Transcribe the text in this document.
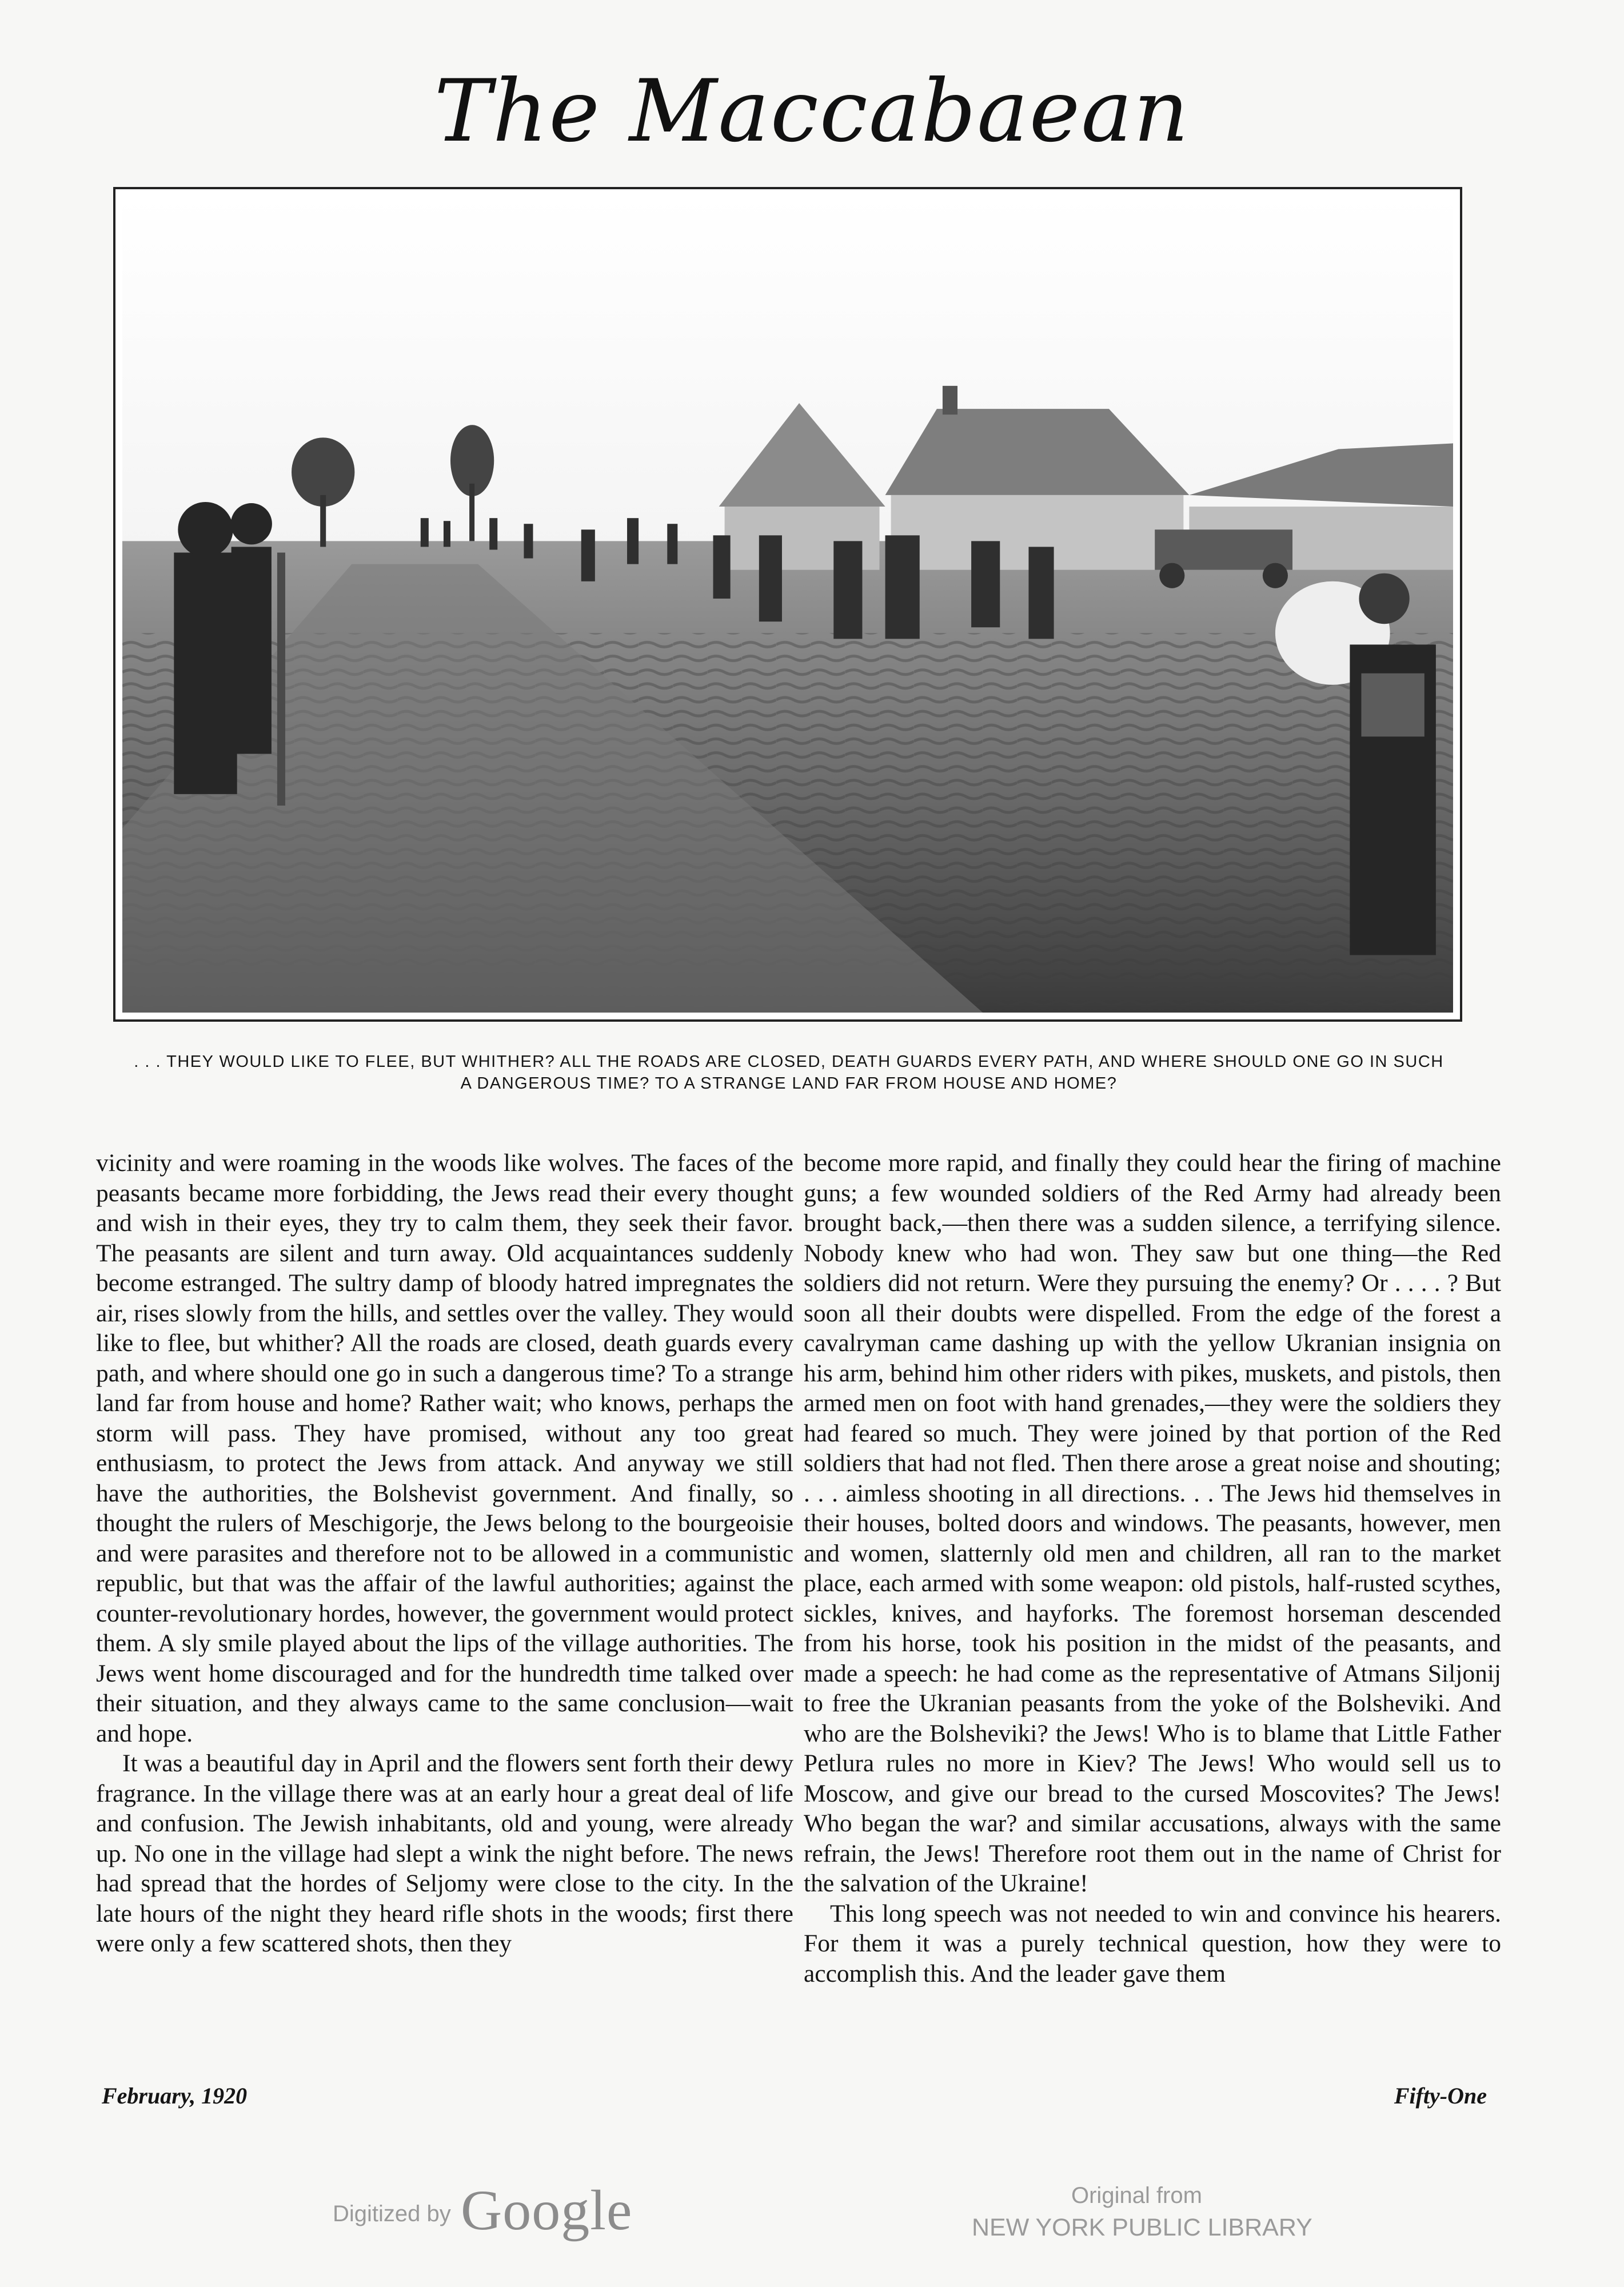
The Maccabaean
. . . THEY WOULD LIKE TO FLEE, BUT WHITHER? ALL THE ROADS ARE CLOSED, DEATH GUARDS EVERY PATH, AND WHERE SHOULD ONE GO IN SUCH A DANGEROUS TIME? TO A STRANGE LAND FAR FROM HOUSE AND HOME?

vicinity and were roaming in the woods like wolves. The faces of the peasants became more forbidding, the Jews read their every thought and wish in their eyes, they try to calm them, they seek their favor. The peasants are silent and turn away. Old acquaintances suddenly become estranged. The sultry damp of bloody hatred impregnates the air, rises slowly from the hills, and settles over the valley. They would like to flee, but whither? All the roads are closed, death guards every path, and where should one go in such a dangerous time? To a strange land far from house and home? Rather wait; who knows, perhaps the storm will pass. They have promised, without any too great enthusiasm, to protect the Jews from attack. And anyway we still have the authorities, the Bolshevist government. And finally, so thought the rulers of Meschigorje, the Jews belong to the bourgeoisie and were parasites and therefore not to be allowed in a communistic republic, but that was the affair of the lawful authorities; against the counter-revolutionary hordes, however, the government would protect them. A sly smile played about the lips of the village authorities. The Jews went home discouraged and for the hundredth time talked over their situation, and they always came to the same conclusion—wait and hope.

It was a beautiful day in April and the flowers sent forth their dewy fragrance. In the village there was at an early hour a great deal of life and confusion. The Jewish inhabitants, old and young, were already up. No one in the village had slept a wink the night before. The news had spread that the hordes of Seljomy were close to the city. In the late hours of the night they heard rifle shots in the woods; first there were only a few scattered shots, then they

become more rapid, and finally they could hear the firing of machine guns; a few wounded soldiers of the Red Army had already been brought back,—then there was a sudden silence, a terrifying silence. Nobody knew who had won. They saw but one thing—the Red soldiers did not return. Were they pursuing the enemy? Or . . . . ? But soon all their doubts were dispelled. From the edge of the forest a cavalryman came dashing up with the yellow Ukranian insignia on his arm, behind him other riders with pikes, muskets, and pistols, then armed men on foot with hand grenades,—they were the soldiers they had feared so much. They were joined by that portion of the Red soldiers that had not fled. Then there arose a great noise and shouting; . . . aimless shooting in all directions. . . The Jews hid themselves in their houses, bolted doors and windows. The peasants, however, men and women, slatternly old men and children, all ran to the market place, each armed with some weapon: old pistols, half-rusted scythes, sickles, knives, and hayforks. The foremost horseman descended from his horse, took his position in the midst of the peasants, and made a speech: he had come as the representative of Atmans Siljonij to free the Ukranian peasants from the yoke of the Bolsheviki. And who are the Bolsheviki? the Jews! Who is to blame that Little Father Petlura rules no more in Kiev? The Jews! Who would sell us to Moscow, and give our bread to the cursed Moscovites? The Jews! Who began the war? and similar accusations, always with the same refrain, the Jews! Therefore root them out in the name of Christ for the salvation of the Ukraine!

This long speech was not needed to win and convince his hearers. For them it was a purely technical question, how they were to accomplish this. And the leader gave them

February, 1920	Fifty-One
Digitized by Google	Original from
NEW YORK PUBLIC LIBRARY
